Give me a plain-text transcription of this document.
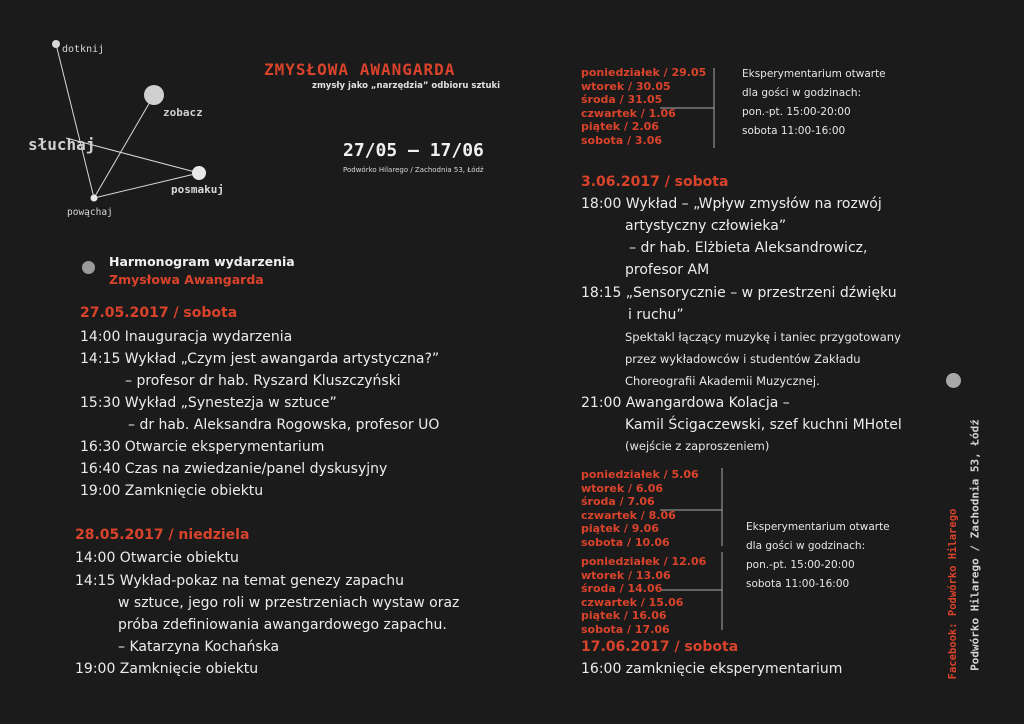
dotknij
zobacz
słuchaj
posmakuj
powąchaj
ZMYSŁOWA AWANGARDA
zmysły jako „narzędzia” odbioru sztuki
27/05 — 17/06
Podwórko Hilarego / Zachodnia 53, Łódź
Harmonogram wydarzenia
Zmysłowa Awangarda
27.05.2017 / sobota
14:00 Inauguracja wydarzenia
14:15 Wykład „Czym jest awangarda artystyczna?”
– profesor dr hab. Ryszard Kluszczyński
15:30 Wykład „Synestezja w sztuce”
– dr hab. Aleksandra Rogowska, profesor UO
16:30 Otwarcie eksperymentarium
16:40 Czas na zwiedzanie/panel dyskusyjny
19:00 Zamknięcie obiektu
28.05.2017 / niedziela
14:00 Otwarcie obiektu
14:15 Wykład-pokaz na temat genezy zapachu
w sztuce, jego roli w przestrzeniach wystaw oraz
próba zdefiniowania awangardowego zapachu.
– Katarzyna Kochańska
19:00 Zamknięcie obiektu
poniedziałek / 29.05
wtorek / 30.05
środa / 31.05
czwartek / 1.06
piątek / 2.06
sobota / 3.06
Eksperymentarium otwarte
dla gości w godzinach:
pon.-pt. 15:00-20:00
sobota 11:00-16:00
3.06.2017 / sobota
18:00 Wykład – „Wpływ zmysłów na rozwój
artystyczny człowieka”
– dr hab. Elżbieta Aleksandrowicz,
profesor AM
18:15 „Sensorycznie – w przestrzeni dźwięku
i ruchu”
Spektakl łączący muzykę i taniec przygotowany
przez wykładowców i studentów Zakładu
Choreografii Akademii Muzycznej.
21:00 Awangardowa Kolacja –
Kamil Ścigaczewski, szef kuchni MHotel
(wejście z zaproszeniem)
poniedziałek / 5.06
wtorek / 6.06
środa / 7.06
czwartek / 8.06
piątek / 9.06
sobota / 10.06
Eksperymentarium otwarte
dla gości w godzinach:
pon.-pt. 15:00-20:00
sobota 11:00-16:00
poniedziałek / 12.06
wtorek / 13.06
środa / 14.06
czwartek / 15.06
piątek / 16.06
sobota / 17.06
17.06.2017 / sobota
16:00 zamknięcie eksperymentarium	Facebook: Podwórko Hilarego Podwórko Hilarego / Zachodnia 53, Łódź
